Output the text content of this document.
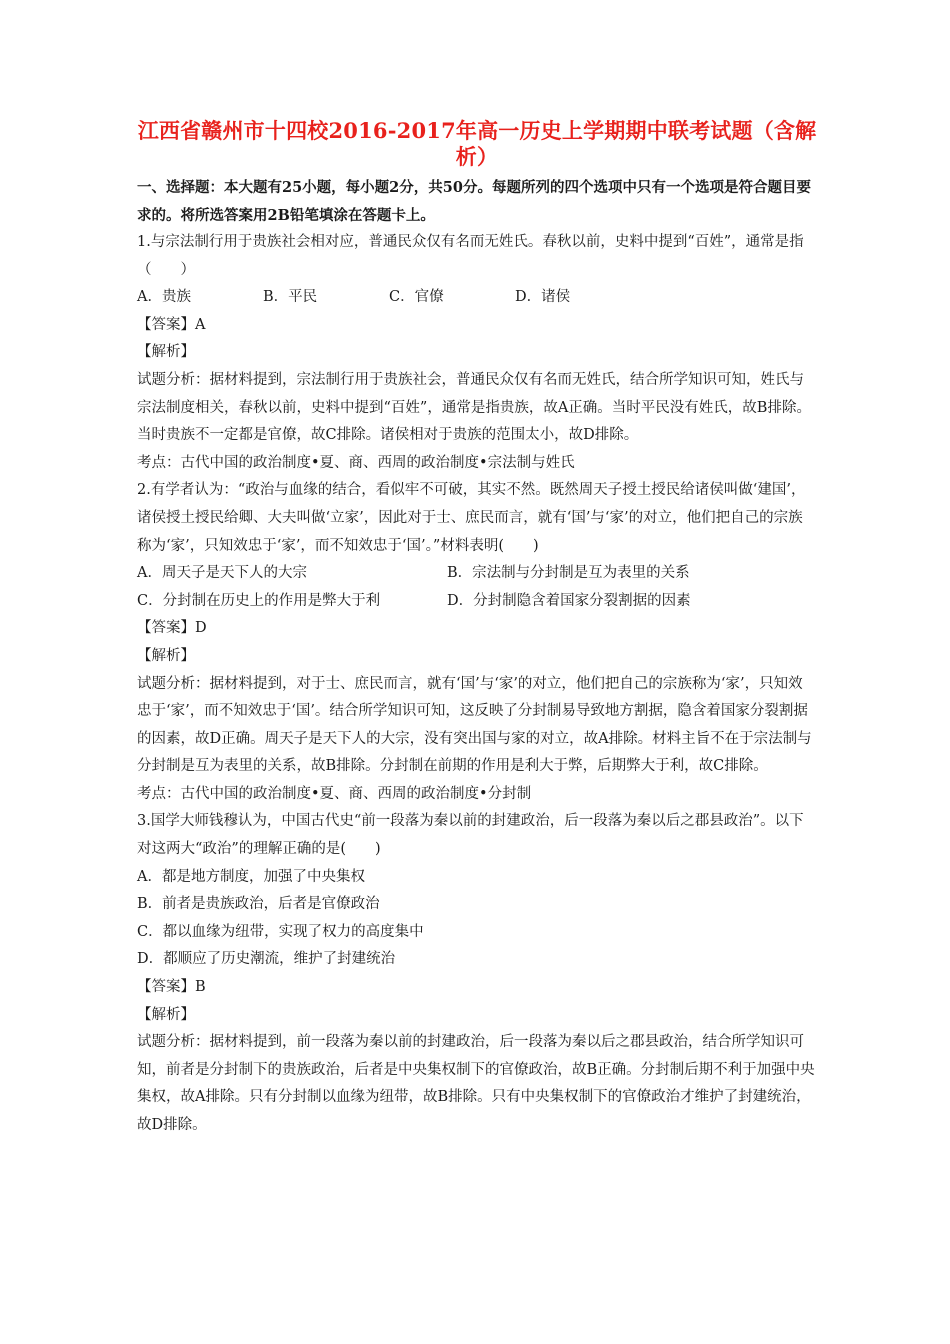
江西省赣州市十四校2016-2017年高一历史上学期期中联考试题（含解析）

一、选择题：本大题有25小题，每小题2分，共50分。每题所列的四个选项中只有一个选项是符合题目要求的。将所选答案用2B铅笔填涂在答题卡上。

1.与宗法制行用于贵族社会相对应，普通民众仅有名而无姓氏。春秋以前，史料中提到“百姓”，通常是指（　　）

A．贵族	B．平民	C．官僚	D．诸侯

【答案】A

【解析】

试题分析：据材料提到，宗法制行用于贵族社会，普通民众仅有名而无姓氏，结合所学知识可知，姓氏与宗法制度相关，春秋以前，史料中提到“百姓”，通常是指贵族，故A正确。当时平民没有姓氏，故B排除。当时贵族不一定都是官僚，故C排除。诸侯相对于贵族的范围太小，故D排除。

考点：古代中国的政治制度•夏、商、西周的政治制度•宗法制与姓氏

2.有学者认为：“政治与血缘的结合，看似牢不可破，其实不然。既然周天子授土授民给诸侯叫做‘建国’，诸侯授土授民给卿、大夫叫做‘立家’，因此对于士、庶民而言，就有‘国’与‘家’的对立，他们把自己的宗族称为‘家’，只知效忠于‘家’，而不知效忠于‘国’。”材料表明(　　)

A．周天子是天下人的大宗	B．宗法制与分封制是互为表里的关系
C．分封制在历史上的作用是弊大于利	D．分封制隐含着国家分裂割据的因素

【答案】D

【解析】

试题分析：据材料提到，对于士、庶民而言，就有‘国’与‘家’的对立，他们把自己的宗族称为‘家’，只知效忠于‘家’，而不知效忠于‘国’。结合所学知识可知，这反映了分封制易导致地方割据，隐含着国家分裂割据的因素，故D正确。周天子是天下人的大宗，没有突出国与家的对立，故A排除。材料主旨不在于宗法制与分封制是互为表里的关系，故B排除。分封制在前期的作用是利大于弊，后期弊大于利，故C排除。

考点：古代中国的政治制度•夏、商、西周的政治制度•分封制

3.国学大师钱穆认为，中国古代史“前一段落为秦以前的封建政治，后一段落为秦以后之郡县政治”。以下对这两大“政治”的理解正确的是(　　)

A．都是地方制度，加强了中央集权

B．前者是贵族政治，后者是官僚政治

C．都以血缘为纽带，实现了权力的高度集中

D．都顺应了历史潮流，维护了封建统治

【答案】B

【解析】

试题分析：据材料提到，前一段落为秦以前的封建政治，后一段落为秦以后之郡县政治，结合所学知识可知，前者是分封制下的贵族政治，后者是中央集权制下的官僚政治，故B正确。分封制后期不利于加强中央集权，故A排除。只有分封制以血缘为纽带，故B排除。只有中央集权制下的官僚政治才维护了封建统治，故D排除。
